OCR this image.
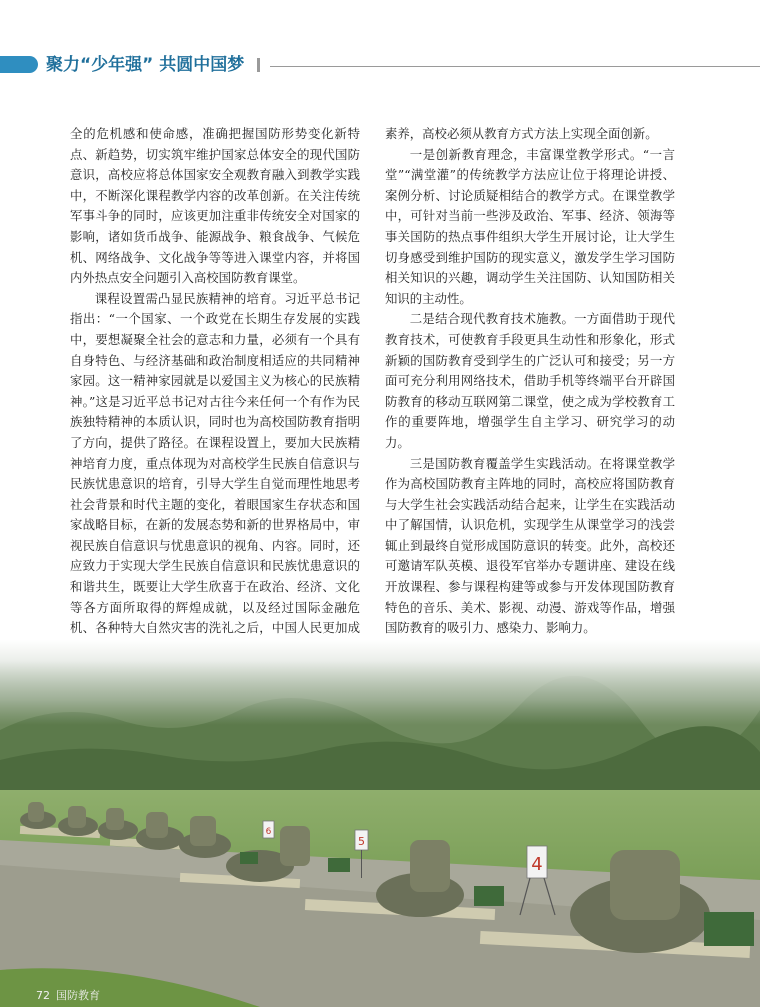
聚力“少年强” 共圆中国梦

全的危机感和使命感，准确把握国防形势变化新特点、新趋势，切实筑牢维护国家总体安全的现代国防意识，高校应将总体国家安全观教育融入到教学实践中，不断深化课程教学内容的改革创新。在关注传统军事斗争的同时，应该更加注重非传统安全对国家的影响，诸如货币战争、能源战争、粮食战争、气候危机、网络战争、文化战争等等进入课堂内容，并将国内外热点安全问题引入高校国防教育课堂。

课程设置需凸显民族精神的培育。习近平总书记指出：“一个国家、一个政党在长期生存发展的实践中，要想凝聚全社会的意志和力量，必须有一个具有自身特色、与经济基础和政治制度相适应的共同精神家园。这一精神家园就是以爱国主义为核心的民族精神。”这是习近平总书记对古往今来任何一个有作为民族独特精神的本质认识，同时也为高校国防教育指明了方向，提供了路径。在课程设置上，要加大民族精神培育力度，重点体现为对高校学生民族自信意识与民族忧患意识的培育，引导大学生自觉而理性地思考社会背景和时代主题的变化，着眼国家生存状态和国家战略目标，在新的发展态势和新的世界格局中，审视民族自信意识与忧患意识的视角、内容。同时，还应致力于实现大学生民族自信意识和民族忧患意识的和谐共生，既要让大学生欣喜于在政治、经济、文化等各方面所取得的辉煌成就，以及经过国际金融危机、各种特大自然灾害的洗礼之后，中国人民更加成

素养，高校必须从教育方式方法上实现全面创新。

一是创新教育理念，丰富课堂教学形式。“一言堂”“满堂灌”的传统教学方法应让位于将理论讲授、案例分析、讨论质疑相结合的教学方式。在课堂教学中，可针对当前一些涉及政治、军事、经济、领海等事关国防的热点事件组织大学生开展讨论，让大学生切身感受到维护国防的现实意义，激发学生学习国防相关知识的兴趣，调动学生关注国防、认知国防相关知识的主动性。

二是结合现代教育技术施教。一方面借助于现代教育技术，可使教育手段更具生动性和形象化，形式新颖的国防教育受到学生的广泛认可和接受；另一方面可充分利用网络技术，借助手机等终端平台开辟国防教育的移动互联网第二课堂，使之成为学校教育工作的重要阵地，增强学生自主学习、研究学习的动力。

三是国防教育覆盖学生实践活动。在将课堂教学作为高校国防教育主阵地的同时，高校应将国防教育与大学生社会实践活动结合起来，让学生在实践活动中了解国情，认识危机，实现学生从课堂学习的浅尝辄止到最终自觉形成国防意识的转变。此外，高校还可邀请军队英模、退役军官举办专题讲座、建设在线开放课程、参与课程构建等或参与开发体现国防教育特色的音乐、美术、影视、动漫、游戏等作品，增强国防教育的吸引力、感染力、影响力。

6
5
4
72 国防教育
